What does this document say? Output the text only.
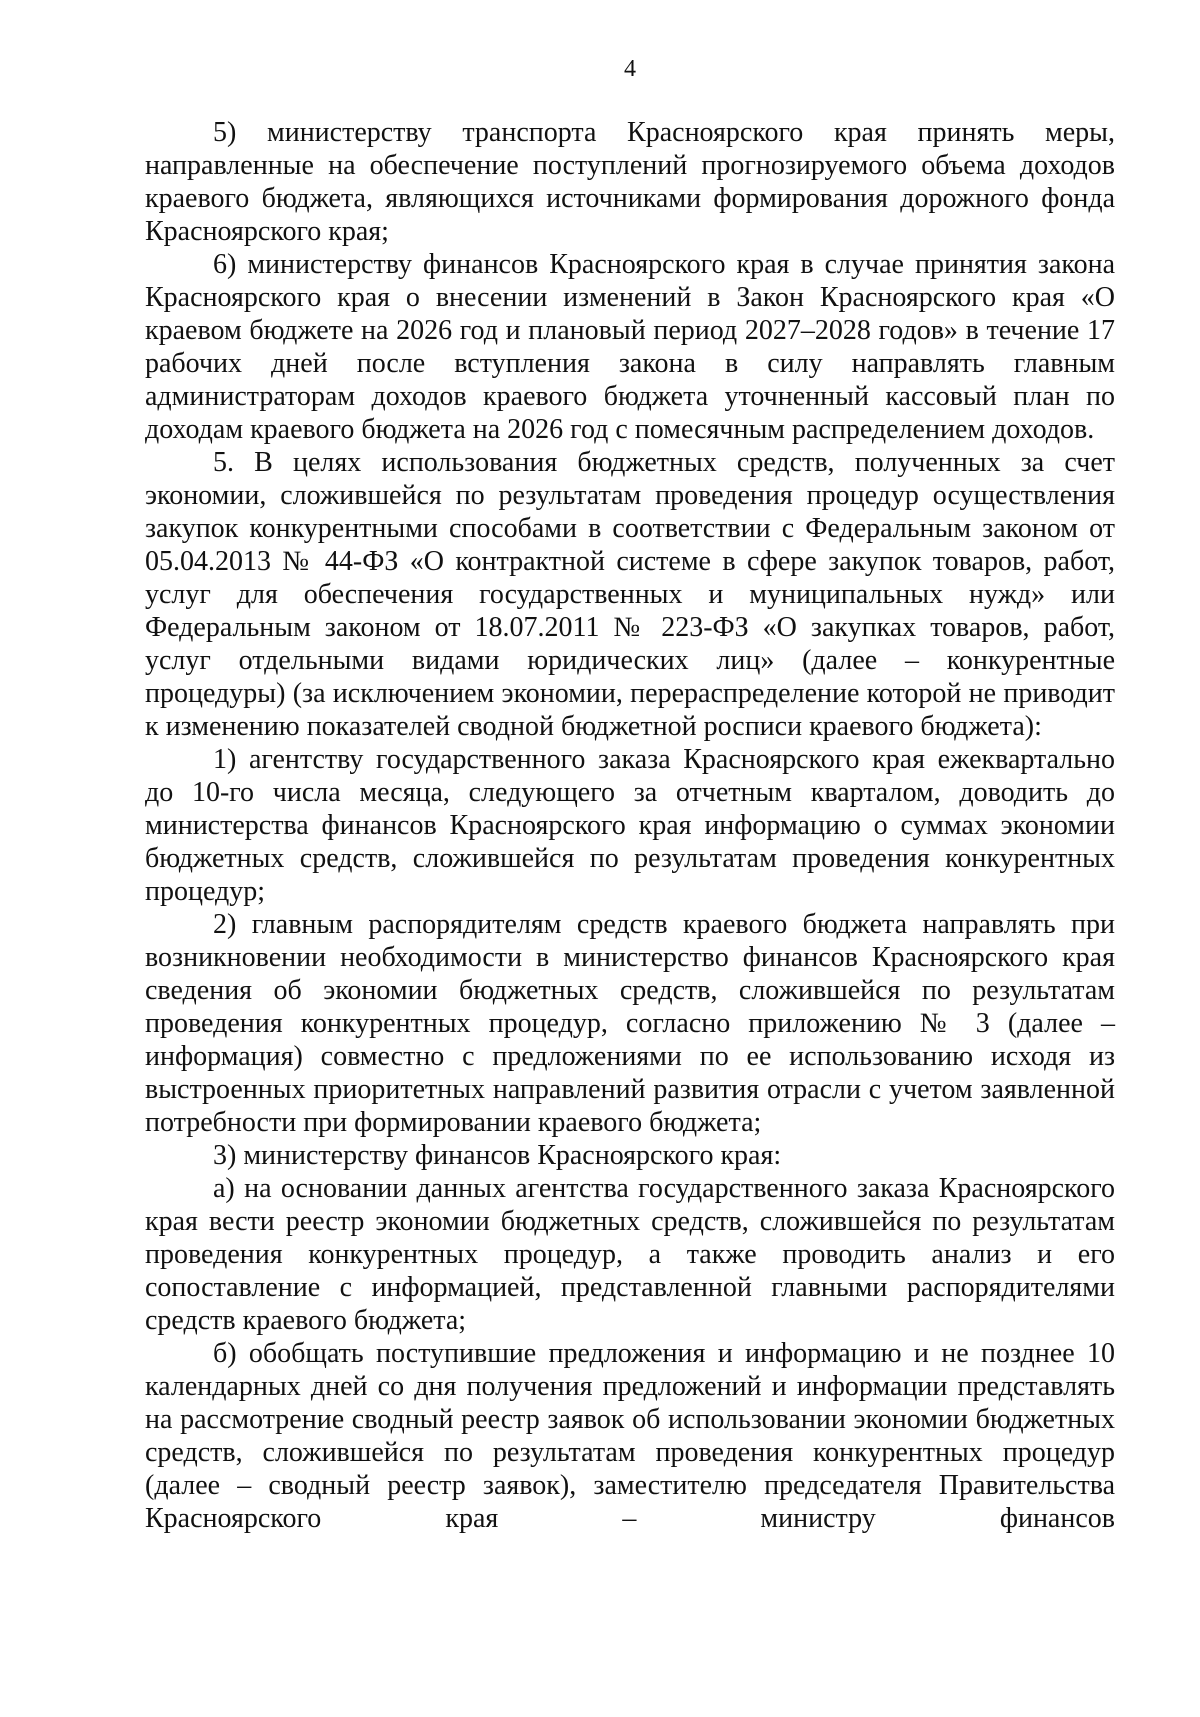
4

5) министерству транспорта Красноярского края принять меры, направленные на обеспечение поступлений прогнозируемого объема доходов краевого бюджета, являющихся источниками формирования дорожного фонда Красноярского края;

6) министерству финансов Красноярского края в случае принятия закона Красноярского края о внесении изменений в Закон Красноярского края «О краевом бюджете на 2026 год и плановый период 2027–2028 годов» в течение 17 рабочих дней после вступления закона в силу направлять главным администраторам доходов краевого бюджета уточненный кассовый план по доходам краевого бюджета на 2026 год с помесячным распределением доходов.

5. В целях использования бюджетных средств, полученных за счет экономии, сложившейся по результатам проведения процедур осуществления закупок конкурентными способами в соответствии с Федеральным законом от 05.04.2013 № 44-ФЗ «О контрактной системе в сфере закупок товаров, работ, услуг для обеспечения государственных и муниципальных нужд» или Федеральным законом от 18.07.2011 № 223-ФЗ «О закупках товаров, работ, услуг отдельными видами юридических лиц» (далее – конкурентные процедуры) (за исключением экономии, перераспределение которой не приводит к изменению показателей сводной бюджетной росписи краевого бюджета):

1) агентству государственного заказа Красноярского края ежеквартально до 10-го числа месяца, следующего за отчетным кварталом, доводить до министерства финансов Красноярского края информацию о суммах экономии бюджетных средств, сложившейся по результатам проведения конкурентных процедур;

2) главным распорядителям средств краевого бюджета направлять при возникновении необходимости в министерство финансов Красноярского края сведения об экономии бюджетных средств, сложившейся по результатам проведения конкурентных процедур, согласно приложению № 3 (далее – информация) совместно с предложениями по ее использованию исходя из выстроенных приоритетных направлений развития отрасли с учетом заявленной потребности при формировании краевого бюджета;

3) министерству финансов Красноярского края:

а) на основании данных агентства государственного заказа Красноярского края вести реестр экономии бюджетных средств, сложившейся по результатам проведения конкурентных процедур, а также проводить анализ и его сопоставление с информацией, представленной главными распорядителями средств краевого бюджета;

б) обобщать поступившие предложения и информацию и не позднее 10 календарных дней со дня получения предложений и информации представлять на рассмотрение сводный реестр заявок об использовании экономии бюджетных средств, сложившейся по результатам проведения конкурентных процедур (далее – сводный реестр заявок), заместителю председателя Правительства Красноярского края – министру финансов
